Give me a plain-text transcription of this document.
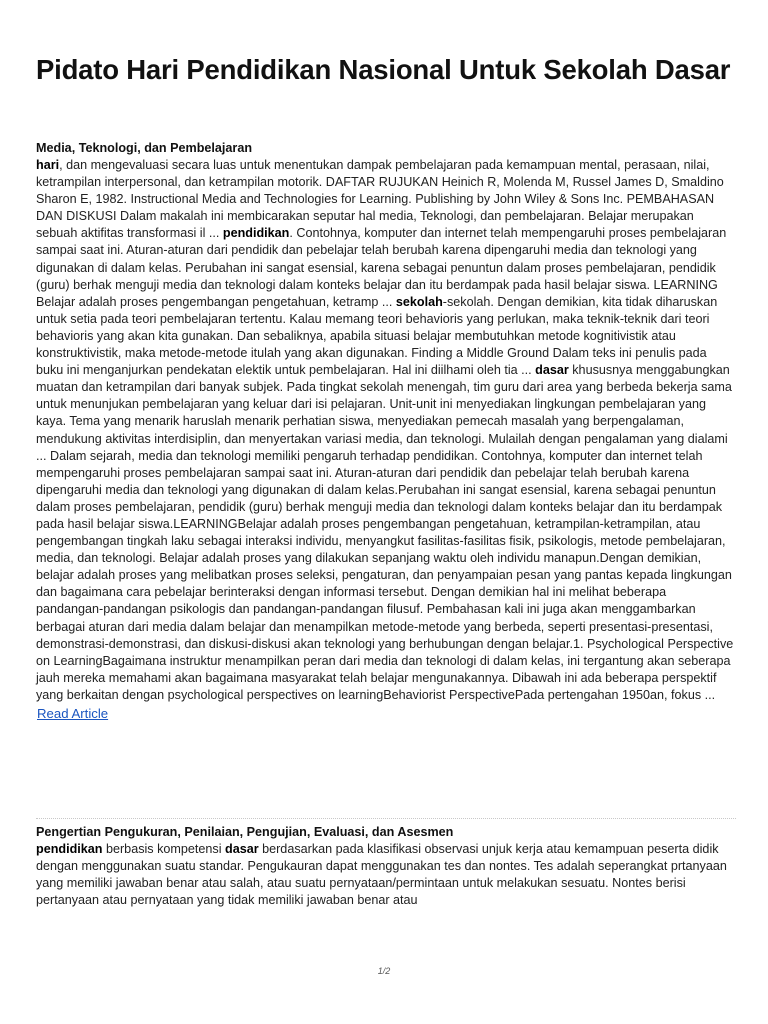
Pidato Hari Pendidikan Nasional Untuk Sekolah Dasar
Media, Teknologi, dan Pembelajaran

hari, dan mengevaluasi secara luas untuk menentukan dampak pembelajaran pada kemampuan mental, perasaan, nilai, ketrampilan interpersonal, dan ketrampilan motorik. DAFTAR RUJUKAN Heinich R, Molenda M, Russel James D, Smaldino Sharon E, 1982. Instructional Media and Technologies for Learning. Publishing by John Wiley & Sons Inc. PEMBAHASAN DAN DISKUSI Dalam makalah ini membicarakan seputar hal media, Teknologi, dan pembelajaran. Belajar merupakan sebuah aktifitas transformasi il ... pendidikan. Contohnya, komputer dan internet telah mempengaruhi proses pembelajaran sampai saat ini. Aturan-aturan dari pendidik dan pebelajar telah berubah karena dipengaruhi media dan teknologi yang digunakan di dalam kelas. Perubahan ini sangat esensial, karena sebagai penuntun dalam proses pembelajaran, pendidik (guru) berhak menguji media dan teknologi dalam konteks belajar dan itu berdampak pada hasil belajar siswa. LEARNING Belajar adalah proses pengembangan pengetahuan, ketramp ... sekolah-sekolah. Dengan demikian, kita tidak diharuskan untuk setia pada teori pembelajaran tertentu. Kalau memang teori behavioris yang perlukan, maka teknik-teknik dari teori behavioris yang akan kita gunakan. Dan sebaliknya, apabila situasi belajar membutuhkan metode kognitivistik atau konstruktivistik, maka metode-metode itulah yang akan digunakan. Finding a Middle Ground Dalam teks ini penulis pada buku ini menganjurkan pendekatan elektik untuk pembelajaran. Hal ini diilhami oleh tia ... dasar khususnya menggabungkan muatan dan ketrampilan dari banyak subjek. Pada tingkat sekolah menengah, tim guru dari area yang berbeda bekerja sama untuk menunjukan pembelajaran yang keluar dari isi pelajaran. Unit-unit ini menyediakan lingkungan pembelajaran yang kaya. Tema yang menarik haruslah menarik perhatian siswa, menyediakan pemecah masalah yang berpengalaman, mendukung aktivitas interdisiplin, dan menyertakan variasi media, dan teknologi. Mulailah dengan pengalaman yang dialami ... Dalam sejarah, media dan teknologi memiliki pengaruh terhadap pendidikan. Contohnya, komputer dan internet telah mempengaruhi proses pembelajaran sampai saat ini. Aturan-aturan dari pendidik dan pebelajar telah berubah karena dipengaruhi media dan teknologi yang digunakan di dalam kelas.Perubahan ini sangat esensial, karena sebagai penuntun dalam proses pembelajaran, pendidik (guru) berhak menguji media dan teknologi dalam konteks belajar dan itu berdampak pada hasil belajar siswa.LEARNINGBelajar adalah proses pengembangan pengetahuan, ketrampilan-ketrampilan, atau pengembangan tingkah laku sebagai interaksi individu, menyangkut fasilitas-fasilitas fisik, psikologis, metode pembelajaran, media, dan teknologi. Belajar adalah proses yang dilakukan sepanjang waktu oleh individu manapun.Dengan demikian, belajar adalah proses yang melibatkan proses seleksi, pengaturan, dan penyampaian pesan yang pantas kepada lingkungan dan bagaimana cara pebelajar berinteraksi dengan informasi tersebut. Dengan demikian hal ini melihat beberapa pandangan-pandangan psikologis dan pandangan-pandangan filusuf. Pembahasan kali ini juga akan menggambarkan berbagai aturan dari media dalam belajar dan menampilkan metode-metode yang berbeda, seperti presentasi-presentasi, demonstrasi-demonstrasi, dan diskusi-diskusi akan teknologi yang berhubungan dengan belajar.1. Psychological Perspective on LearningBagaimana instruktur menampilkan peran dari media dan teknologi di dalam kelas, ini tergantung akan seberapa jauh mereka memahami akan bagaimana masyarakat telah belajar mengunakannya. Dibawah ini ada beberapa perspektif yang berkaitan dengan psychological perspectives on learningBehaviorist PerspectivePada pertengahan 1950an, fokus ...

Read Article
Pengertian Pengukuran, Penilaian, Pengujian, Evaluasi, dan Asesmen

pendidikan berbasis kompetensi dasar berdasarkan pada klasifikasi observasi unjuk kerja atau kemampuan peserta didik dengan menggunakan suatu standar. Pengukauran dapat menggunakan tes dan nontes. Tes adalah seperangkat prtanyaan yang memiliki jawaban benar atau salah, atau suatu pernyataan/permintaan untuk melakukan sesuatu. Nontes berisi pertanyaan atau pernyataan yang tidak memiliki jawaban benar atau

1/2
